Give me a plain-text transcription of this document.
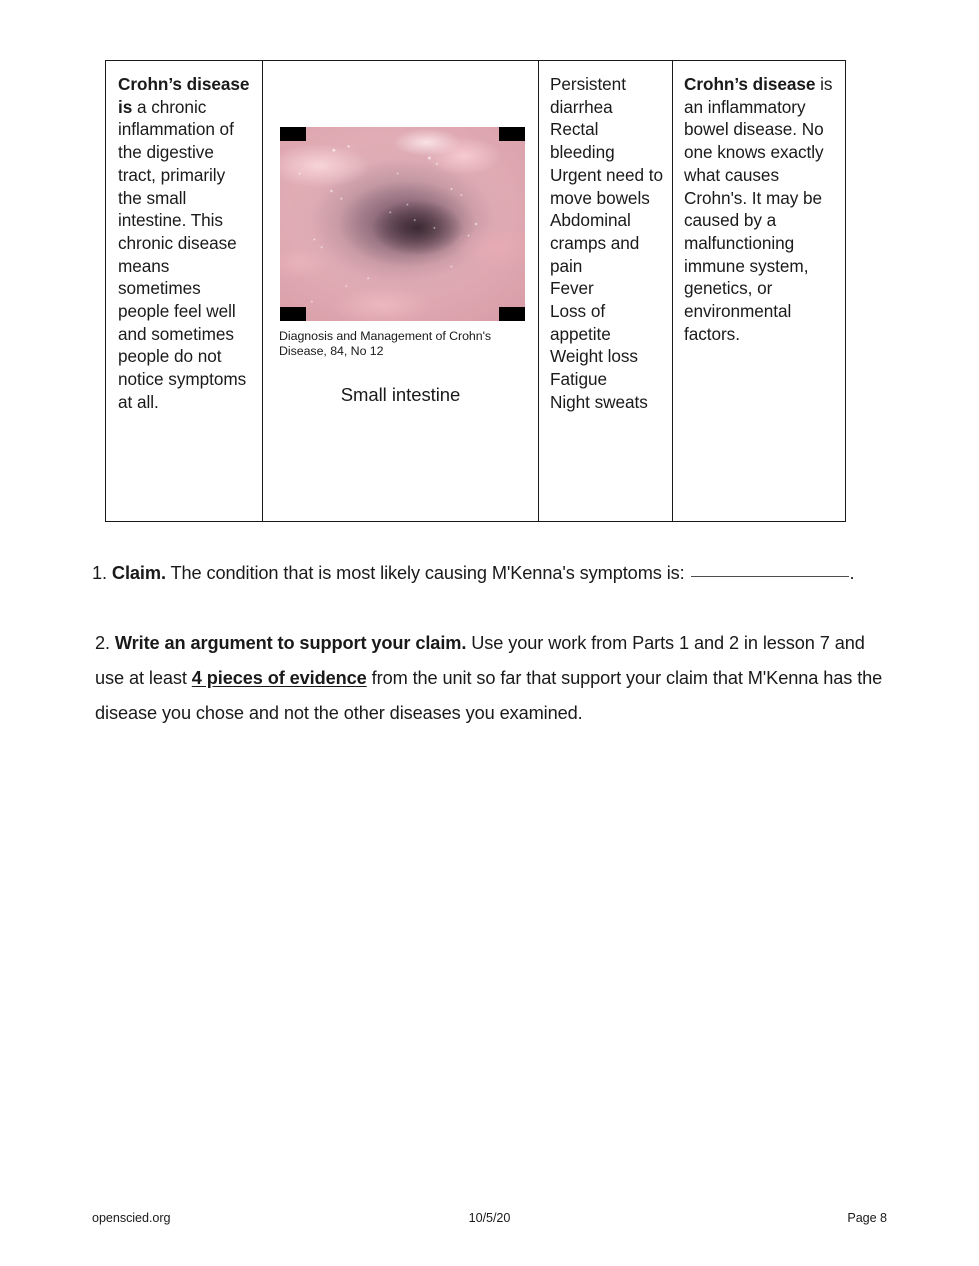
Crohn’s disease is a chronic inflammation of the digestive tract, primarily the small intestine. This chronic disease means sometimes people feel well and sometimes people do not notice symptoms at all.

Diagnosis and Management of Crohn's Disease, 84, No 12
Small intestine

Persistent diarrhea
Rectal bleeding
Urgent need to move bowels
Abdominal cramps and pain
Fever
Loss of appetite
Weight loss
Fatigue
Night sweats

Crohn’s disease is an inflammatory bowel disease. No one knows exactly what causes Crohn's. It may be caused by a malfunctioning immune system, genetics, or environmental factors.
1. Claim. The condition that is most likely causing M'Kenna's symptoms is:	.
2. Write an argument to support your claim. Use your work from Parts 1 and 2 in lesson 7 and use at least 4 pieces of evidence from the unit so far that support your claim that M'Kenna has the disease you chose and not the other diseases you examined.
openscied.org	10/5/20	Page 8
